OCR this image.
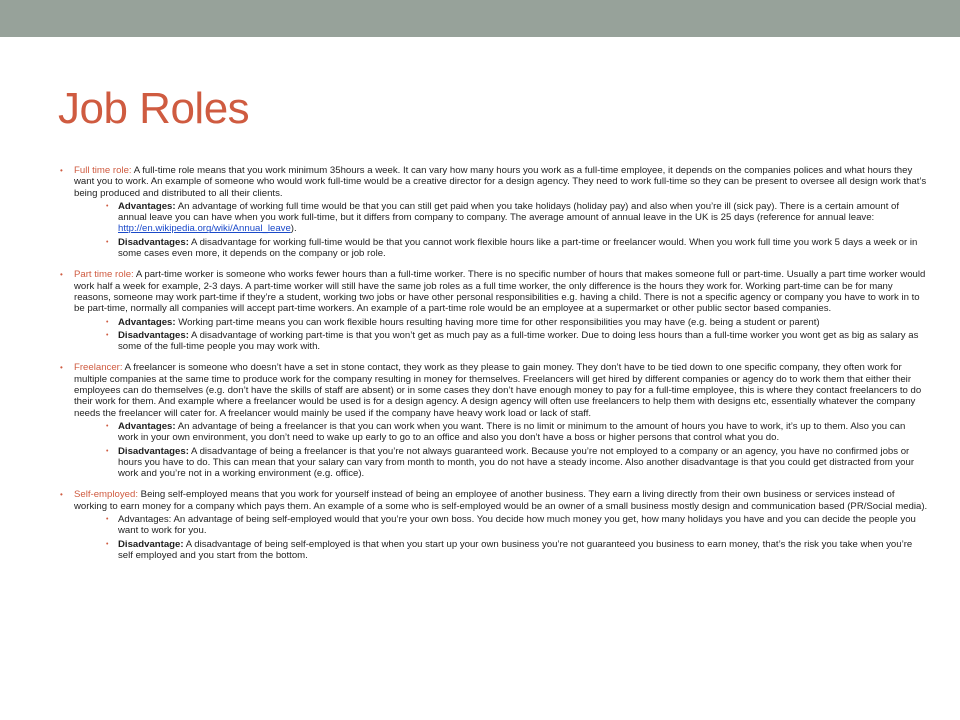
Job Roles
• Full time role: A full-time role means that you work minimum 35hours a week. It can vary how many hours you work as a full-time employee, it depends on the companies polices and what hours they want you to work. An example of someone who would work full-time would be a creative director for a design agency. They need to work full-time so they can be present to oversee all design work that’s being produced and distributed to all their clients.
• Advantages: An advantage of working full time would be that you can still get paid when you take holidays (holiday pay) and also when you’re ill (sick pay). There is a certain amount of annual leave you can have when you work full-time, but it differs from company to company. The average amount of annual leave in the UK is 25 days (reference for annual leave: http://en.wikipedia.org/wiki/Annual_leave).
• Disadvantages: A disadvantage for working full-time would be that you cannot work flexible hours like a part-time or freelancer would. When you work full time you work 5 days a week or in some cases even more, it depends on the company or job role.
• Part time role: A part-time worker is someone who works fewer hours than a full-time worker. There is no specific number of hours that makes someone full or part-time. Usually a part time worker would work half a week for example, 2-3 days. A part-time worker will still have the same job roles as a full time worker, the only difference is the hours they work for. Working part-time can be for many reasons, someone may work part-time if they’re a student, working two jobs or have other personal responsibilities e.g. having a child. There is not a specific agency or company you have to work in to be part-time, normally all companies will accept part-time workers. An example of a part-time role would be an employee at a supermarket or other public sector based companies.
• Advantages: Working part-time means you can work flexible hours resulting having more time for other responsibilities you may have (e.g. being a student or parent)
• Disadvantages: A disadvantage of working part-time is that you won’t get as much pay as a full-time worker. Due to doing less hours than a full-time worker you wont get as big as salary as some of the full-time people you may work with.
• Freelancer: A freelancer is someone who doesn’t have a set in stone contact, they work as they please to gain money. They don’t have to be tied down to one specific company, they often work for multiple companies at the same time to produce work for the company resulting in money for themselves. Freelancers will get hired by different companies or agency do to work them that either their employees can do themselves (e.g. don’t have the skills of staff are absent) or in some cases they don’t have enough money to pay for a full-time employee, this is where they contact freelancers to do their work for them. And example where a freelancer would be used is for a design agency. A design agency will often use freelancers to help them with designs etc, essentially whatever the company needs the freelancer will cater for. A freelancer would mainly be used if the company have heavy work load or lack of staff.
• Advantages: An advantage of being a freelancer is that you can work when you want. There is no limit or minimum to the amount of hours you have to work, it’s up to them. Also you can work in your own environment, you don’t need to wake up early to go to an office and also you don’t have a boss or higher persons that control what you do.
• Disadvantages: A disadvantage of being a freelancer is that you’re not always guaranteed work. Because you’re not employed to a company or an agency, you have no confirmed jobs or hours you have to do. This can mean that your salary can vary from month to month, you do not have a steady income. Also another disadvantage is that you could get distracted from your work and you’re not in a working environment (e.g. office).
• Self-employed: Being self-employed means that you work for yourself instead of being an employee of another business. They earn a living directly from their own business or services instead of working to earn money for a company which pays them. An example of a some who is self-employed would be an owner of a small business mostly design and communication based (PR/Social media).
• Advantages: An advantage of being self-employed would that you’re your own boss. You decide how much money you get, how many holidays you have and you can decide the people you want to work for you.
• Disadvantage: A disadvantage of being self-employed is that when you start up your own business you’re not guaranteed you business to earn money, that’s the risk you take when you’re self employed and you start from the bottom.
